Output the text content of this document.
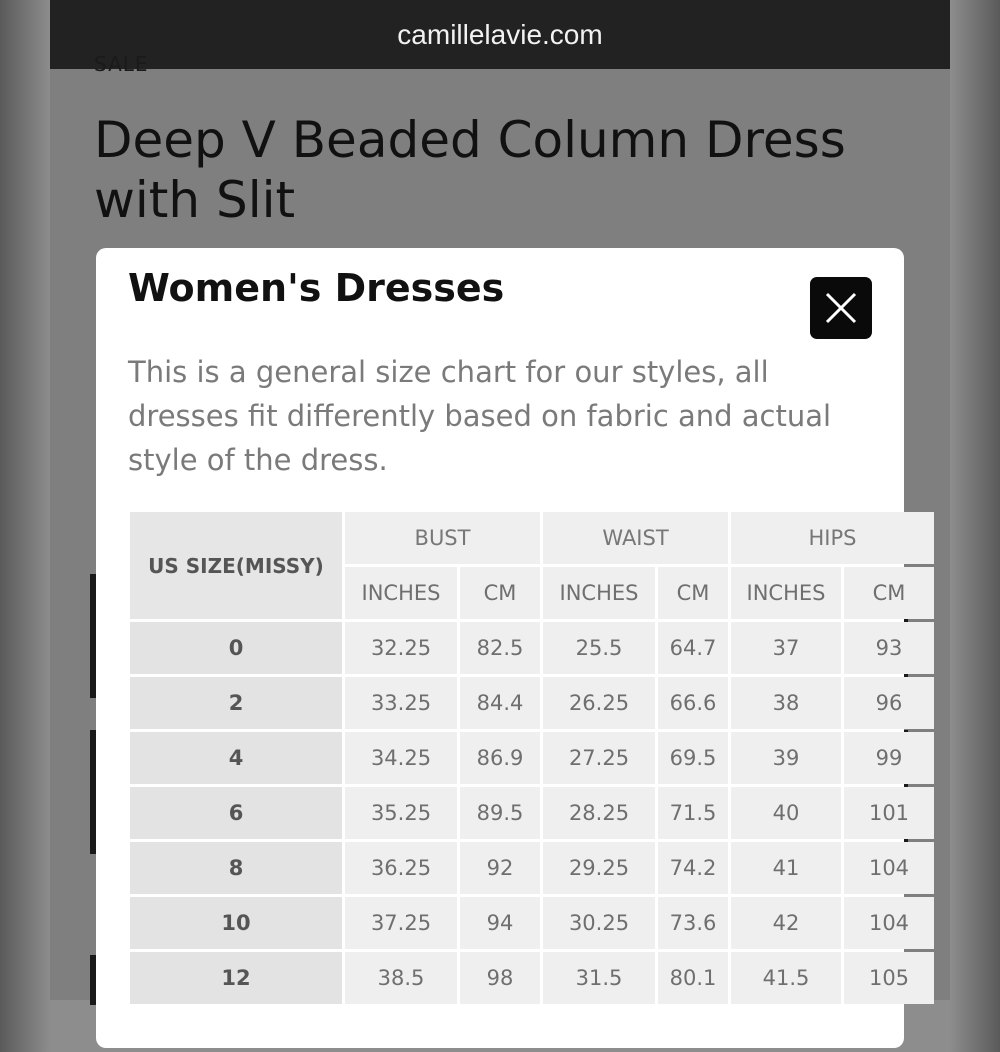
camillelavie.com
SALE
Deep V Beaded Column Dress
with Slit
Women's Dresses
This is a general size chart for our styles, all dresses fit differently based on fabric and actual style of the dress.
US SIZE(MISSY)	BUST		WAIST		HIPS	
	INCHES	CM	INCHES	CM	INCHES	CM
0	32.25	82.5	25.5	64.7	37	93
2	33.25	84.4	26.25	66.6	38	96
4	34.25	86.9	27.25	69.5	39	99
6	35.25	89.5	28.25	71.5	40	101
8	36.25	92	29.25	74.2	41	104
10	37.25	94	30.25	73.6	42	104
12	38.5	98	31.5	80.1	41.5	105
